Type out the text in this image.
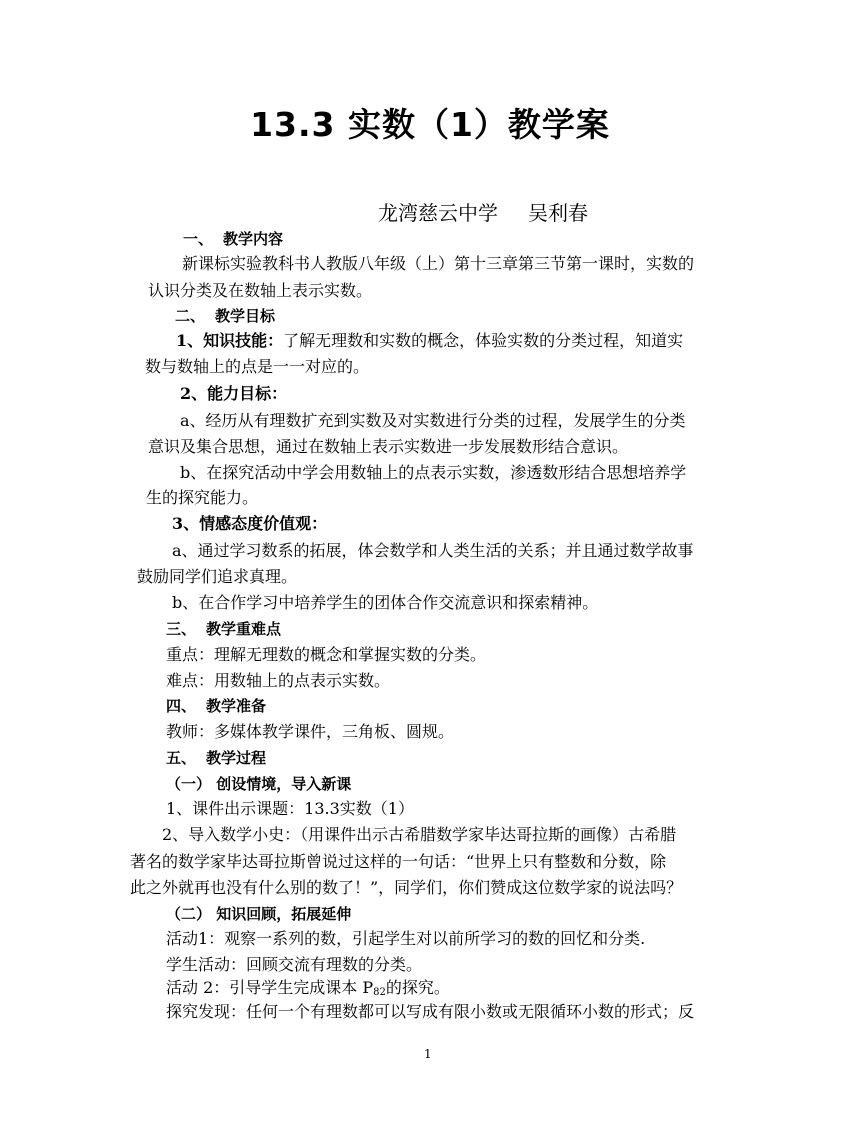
13.3 实数（1）教学案
龙湾慈云中学 吴利春
一、 教学内容
新课标实验教科书人教版八年级（上）第十三章第三节第一课时，实数的
认识分类及在数轴上表示实数。
二、 教学目标
1、知识技能：了解无理数和实数的概念，体验实数的分类过程，知道实
数与数轴上的点是一一对应的。
2、能力目标：
a、经历从有理数扩充到实数及对实数进行分类的过程，发展学生的分类
意识及集合思想，通过在数轴上表示实数进一步发展数形结合意识。
b、在探究活动中学会用数轴上的点表示实数，渗透数形结合思想培养学
生的探究能力。
3、情感态度价值观：
a、通过学习数系的拓展，体会数学和人类生活的关系；并且通过数学故事
鼓励同学们追求真理。
b、在合作学习中培养学生的团体合作交流意识和探索精神。
三、 教学重难点
重点：理解无理数的概念和掌握实数的分类。
难点：用数轴上的点表示实数。
四、 教学准备
教师：多媒体教学课件，三角板、圆规。
五、 教学过程
（一） 创设情境，导入新课
1、课件出示课题：13.3实数（1）
2、导入数学小史：（用课件出示古希腊数学家毕达哥拉斯的画像）古希腊
著名的数学家毕达哥拉斯曾说过这样的一句话：“世界上只有整数和分数，除
此之外就再也没有什么别的数了！”，同学们，你们赞成这位数学家的说法吗？
（二） 知识回顾，拓展延伸
活动1：观察一系列的数，引起学生对以前所学习的数的回忆和分类.
学生活动：回顾交流有理数的分类。
活动 2：引导学生完成课本 $P_{82}$的探究。
探究发现：任何一个有理数都可以写成有限小数或无限循环小数的形式；反
1
